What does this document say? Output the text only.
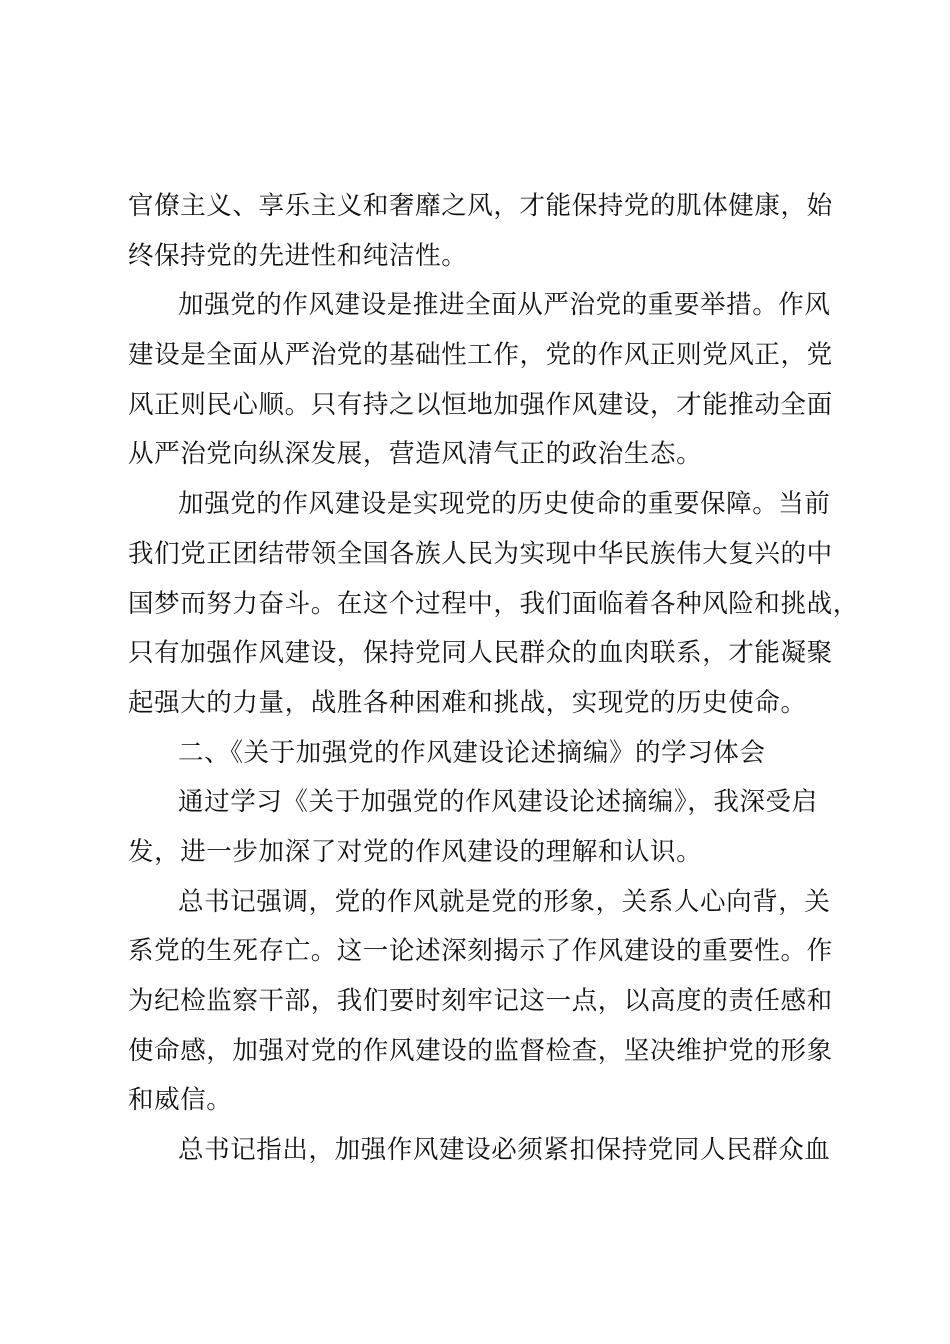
官僚主义、享乐主义和奢靡之风，才能保持党的肌体健康，始
终保持党的先进性和纯洁性。
加强党的作风建设是推进全面从严治党的重要举措。作风
建设是全面从严治党的基础性工作，党的作风正则党风正，党
风正则民心顺。只有持之以恒地加强作风建设，才能推动全面
从严治党向纵深发展，营造风清气正的政治生态。
加强党的作风建设是实现党的历史使命的重要保障。当前
我们党正团结带领全国各族人民为实现中华民族伟大复兴的中
国梦而努力奋斗。在这个过程中，我们面临着各种风险和挑战，
只有加强作风建设，保持党同人民群众的血肉联系，才能凝聚
起强大的力量，战胜各种困难和挑战，实现党的历史使命。
二、《关于加强党的作风建设论述摘编》的学习体会
通过学习《关于加强党的作风建设论述摘编》，我深受启
发，进一步加深了对党的作风建设的理解和认识。
总书记强调，党的作风就是党的形象，关系人心向背，关
系党的生死存亡。这一论述深刻揭示了作风建设的重要性。作
为纪检监察干部，我们要时刻牢记这一点，以高度的责任感和
使命感，加强对党的作风建设的监督检查，坚决维护党的形象
和威信。
总书记指出，加强作风建设必须紧扣保持党同人民群众血
